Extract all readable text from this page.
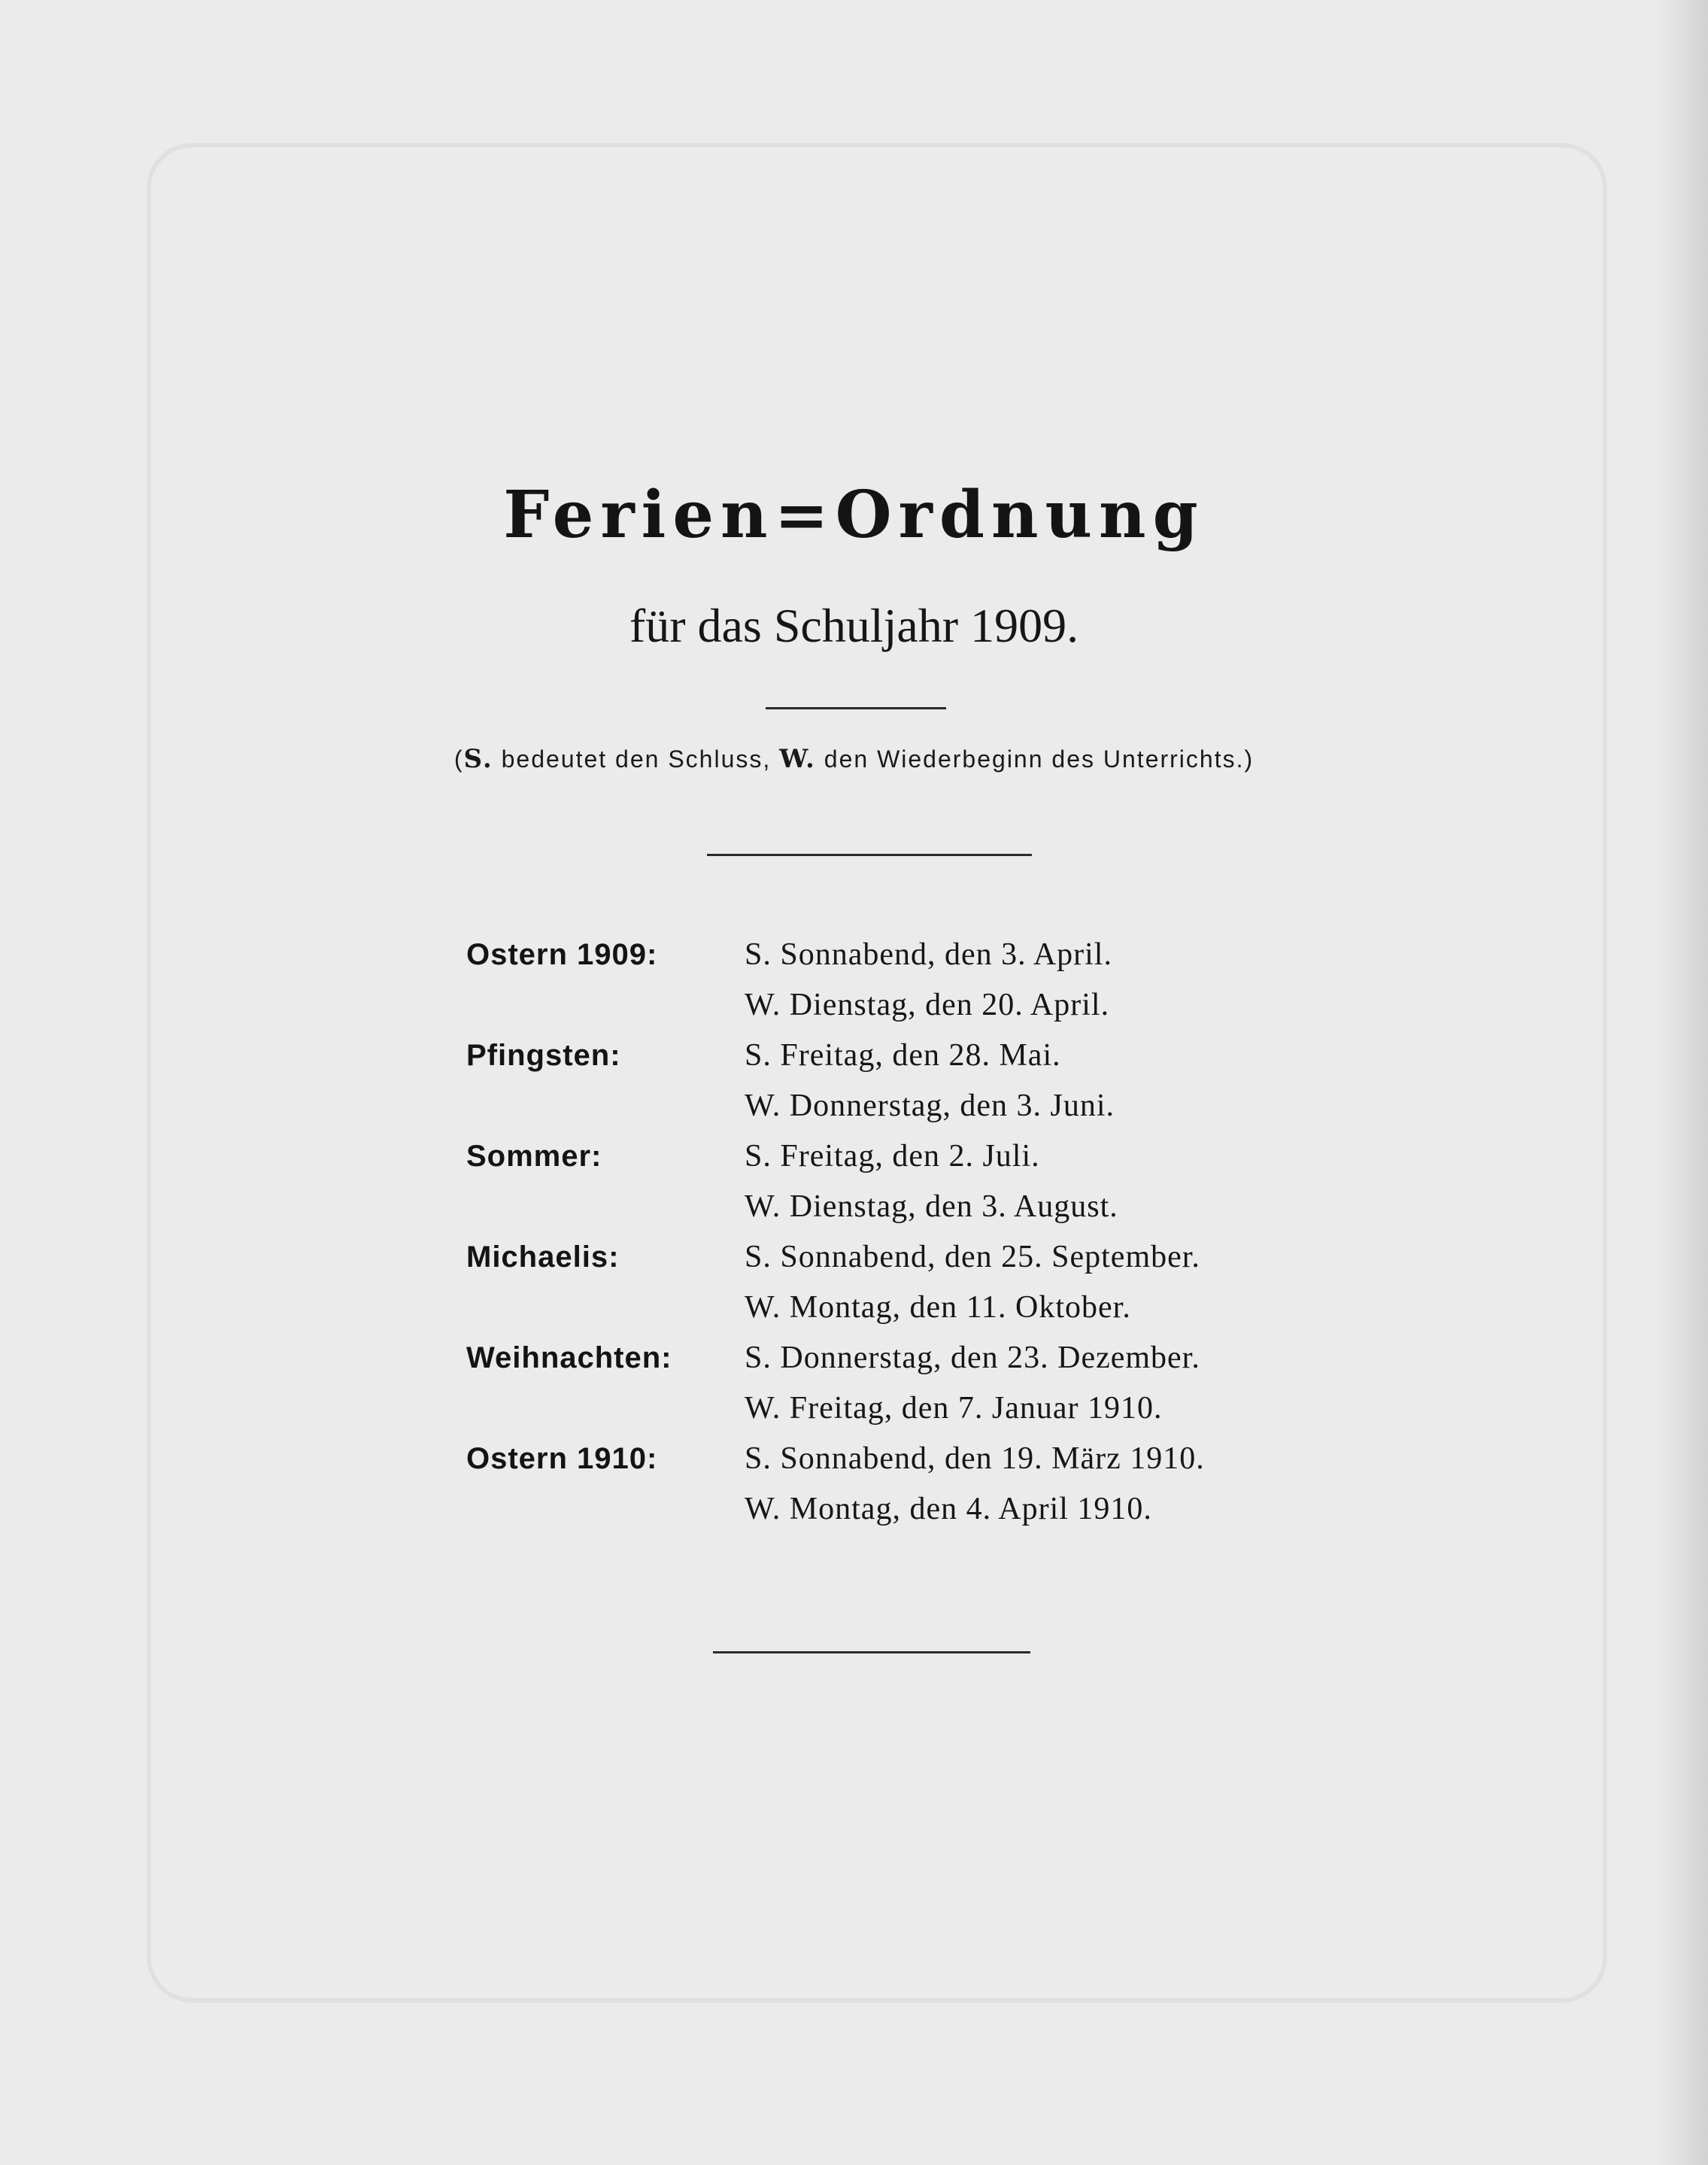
Ferien=Ordnung
für das Schuljahr 1909.
(S. bedeutet den Schluss, W. den Wiederbeginn des Unterrichts.)
Ostern 1909:	S. Sonnabend, den 3. April.
W. Dienstag, den 20. April.
Pfingsten:	S. Freitag, den 28. Mai.
W. Donnerstag, den 3. Juni.
Sommer:	S. Freitag, den 2. Juli.
W. Dienstag, den 3. August.
Michaelis:	S. Sonnabend, den 25. September.
W. Montag, den 11. Oktober.
Weihnachten: S. Donnerstag, den 23. Dezember.
W. Freitag, den 7. Januar 1910.
Ostern 1910:	S. Sonnabend, den 19. März 1910.
W. Montag, den 4. April 1910.
